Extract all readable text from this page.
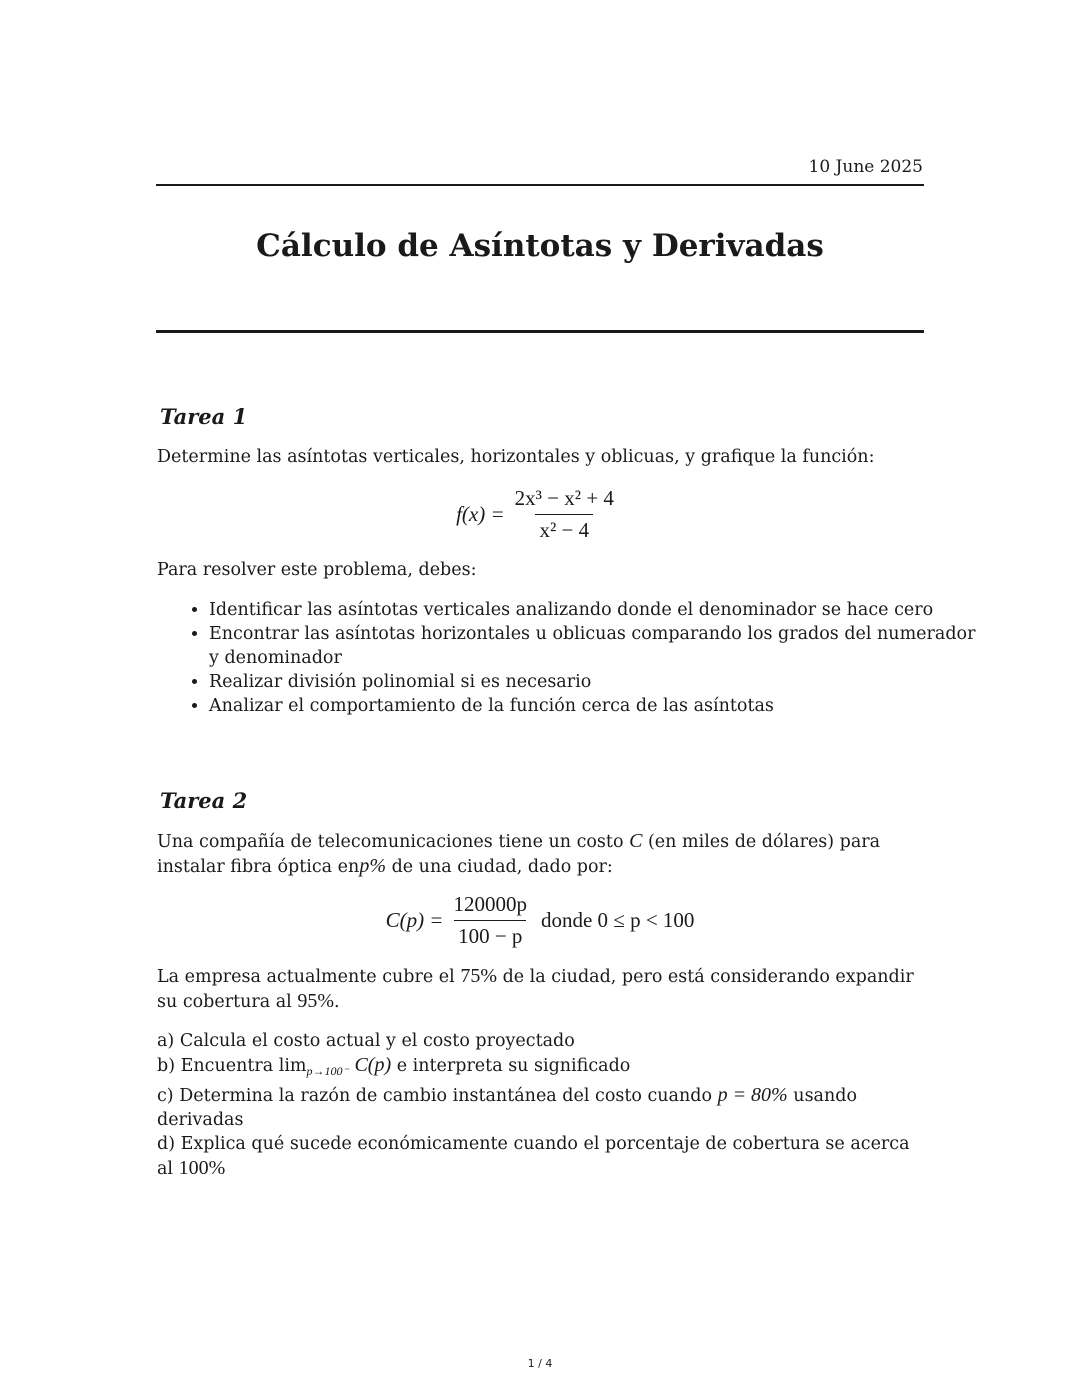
10 June 2025
Cálculo de Asíntotas y Derivadas
Tarea 1
Determine las asíntotas verticales, horizontales y oblicuas, y grafique la función:
$f(x) = \frac{\text{2x³ − x² + 4}}{\text{x² − 4}}$
Para resolver este problema, debes:
• Identificar las asíntotas verticales analizando donde el denominador se hace cero
• Encontrar las asíntotas horizontales u oblicuas comparando los grados del numerador y denominador
• Realizar división polinomial si es necesario
• Analizar el comportamiento de la función cerca de las asíntotas
Tarea 2
Una compañía de telecomunicaciones tiene un costo C (en miles de dólares) para instalar fibra óptica enp% de una ciudad, dado por:
$C(p) = \frac{120000p}{100 - p}$ donde 0 ≤ p < 100
La empresa actualmente cubre el 75% de la ciudad, pero está considerando expandir su cobertura al 95%.
a) Calcula el costo actual y el costo proyectado
b) Encuentra $\lim_{p\to 100^-} C(p)$ e interpreta su significado
c) Determina la razón de cambio instantánea del costo cuando p = 80% usando derivadas
d) Explica qué sucede económicamente cuando el porcentaje de cobertura se acerca al 100%
1 / 4
